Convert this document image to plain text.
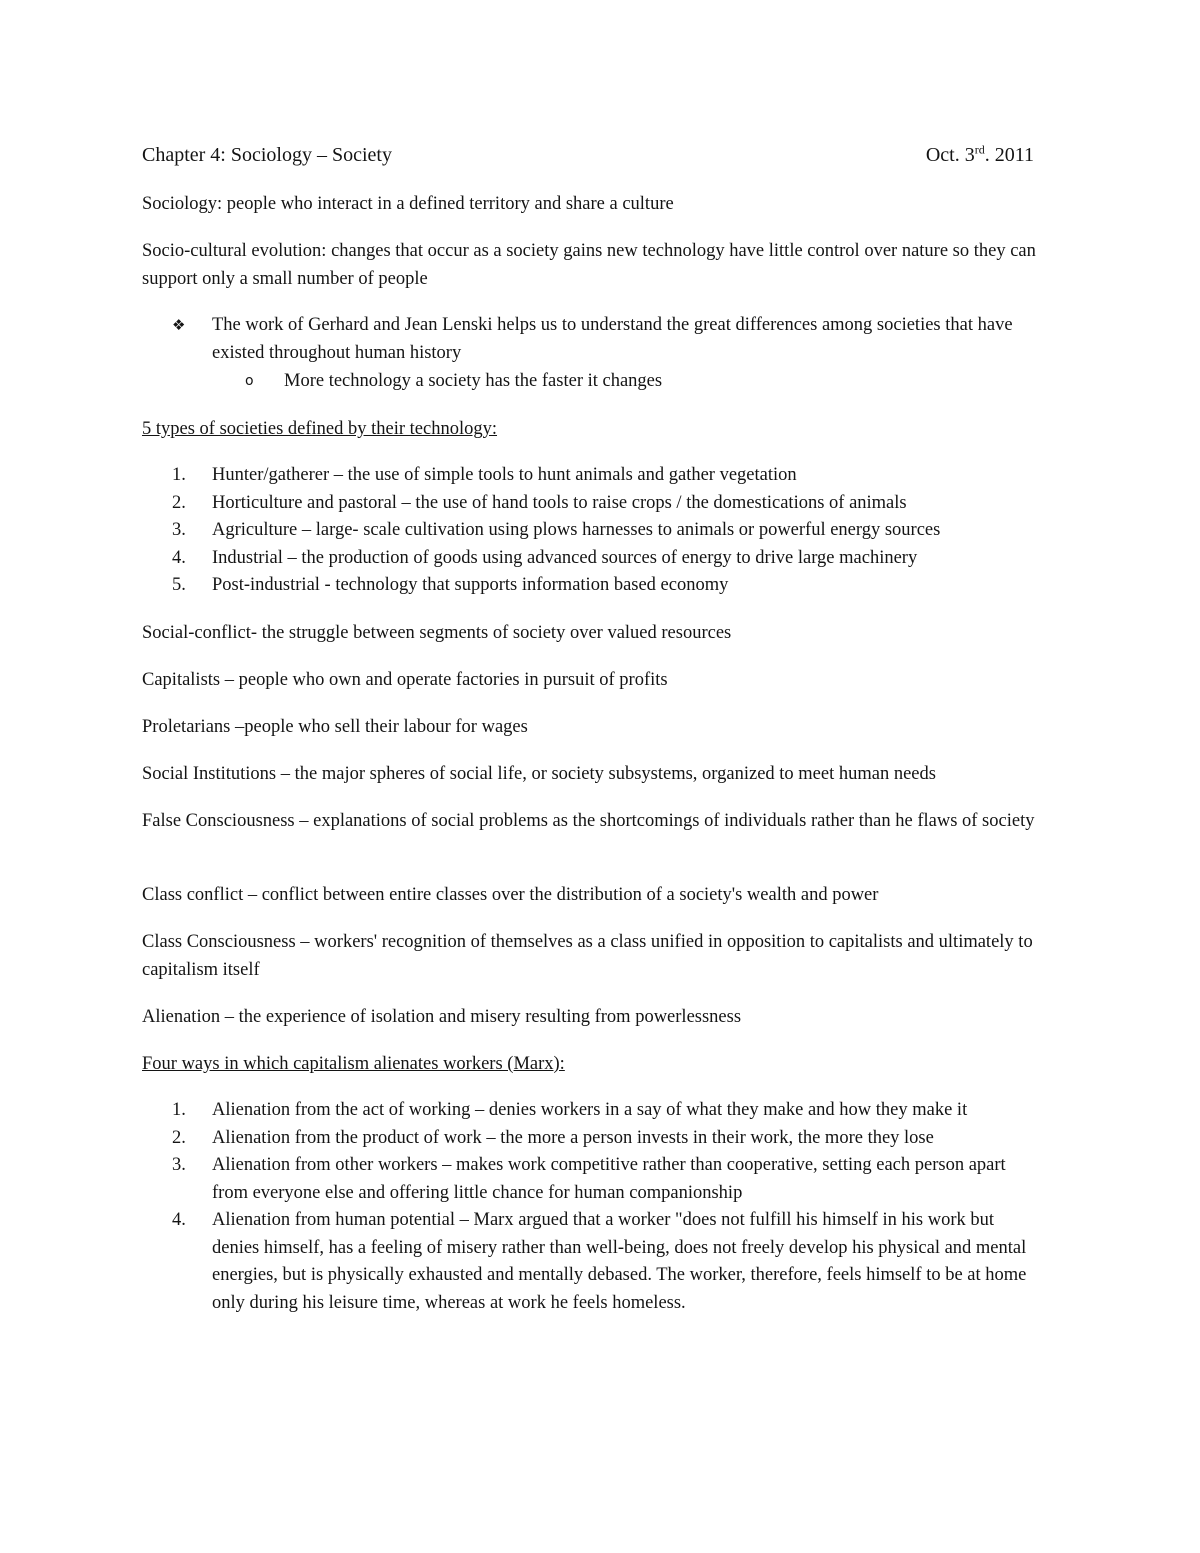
Chapter 4: Sociology – Society	Oct. 3rd. 2011

Sociology: people who interact in a defined territory and share a culture

Socio-cultural evolution: changes that occur as a society gains new technology have little control over nature so they can support only a small number of people

❖ The work of Gerhard and Jean Lenski helps us to understand the great differences among societies that have existed throughout human history
o More technology a society has the faster it changes

5 types of societies defined by their technology:

1. Hunter/gatherer – the use of simple tools to hunt animals and gather vegetation
2. Horticulture and pastoral – the use of hand tools to raise crops / the domestications of animals
3. Agriculture – large- scale cultivation using plows harnesses to animals or powerful energy sources
4. Industrial – the production of goods using advanced sources of energy to drive large machinery
5. Post-industrial - technology that supports information based economy

Social-conflict- the struggle between segments of society over valued resources

Capitalists – people who own and operate factories in pursuit of profits

Proletarians –people who sell their labour for wages

Social Institutions – the major spheres of social life, or society subsystems, organized to meet human needs

False Consciousness – explanations of social problems as the shortcomings of individuals rather than he flaws of society

Class conflict – conflict between entire classes over the distribution of a society's wealth and power

Class Consciousness – workers' recognition of themselves as a class unified in opposition to capitalists and ultimately to capitalism itself

Alienation – the experience of isolation and misery resulting from powerlessness

Four ways in which capitalism alienates workers (Marx):

1. Alienation from the act of working – denies workers in a say of what they make and how they make it
2. Alienation from the product of work – the more a person invests in their work, the more they lose
3. Alienation from other workers – makes work competitive rather than cooperative, setting each person apart from everyone else and offering little chance for human companionship
4. Alienation from human potential – Marx argued that a worker "does not fulfill his himself in his work but denies himself, has a feeling of misery rather than well-being, does not freely develop his physical and mental energies, but is physically exhausted and mentally debased. The worker, therefore, feels himself to be at home only during his leisure time, whereas at work he feels homeless.
